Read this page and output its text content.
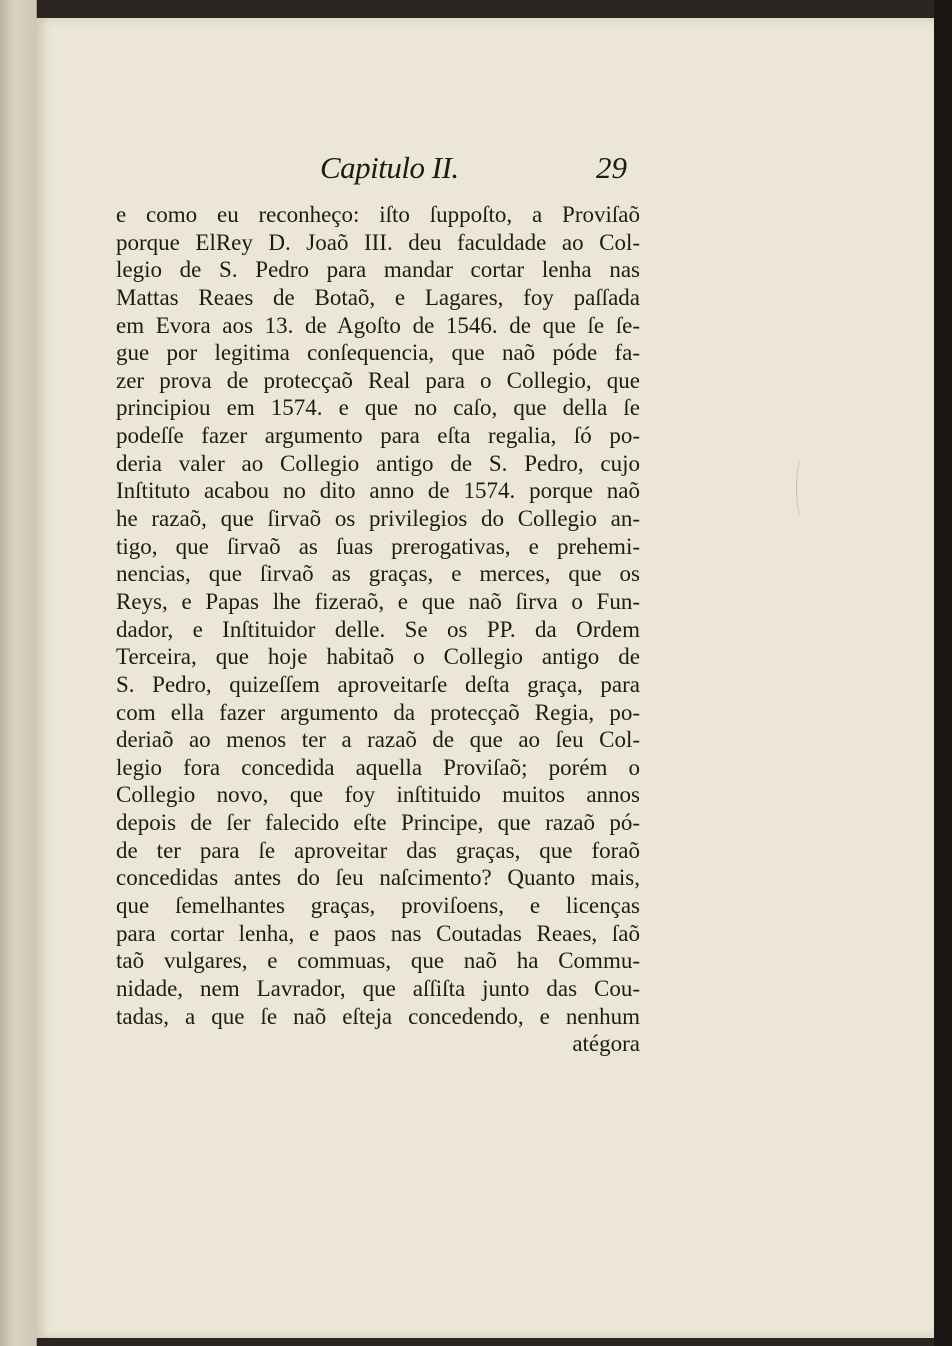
Capitulo II.	29
e como eu reconheço: iſto ſuppoſto, a Proviſaõ
porque ElRey D. Joaõ III. deu faculdade ao Col-
legio de S. Pedro para mandar cortar lenha nas
Mattas Reaes de Botaõ, e Lagares, foy paſſada
em Evora aos 13. de Agoſto de 1546. de que ſe ſe-
gue por legitima conſequencia, que naõ póde fa-
zer prova de protecçaõ Real para o Collegio, que
principiou em 1574. e que no caſo, que della ſe
podeſſe fazer argumento para eſta regalia, ſó po-
deria valer ao Collegio antigo de S. Pedro, cujo
Inſtituto acabou no dito anno de 1574. porque naõ
he razaõ, que ſirvaõ os privilegios do Collegio an-
tigo, que ſirvaõ as ſuas prerogativas, e prehemi-
nencias, que ſirvaõ as graças, e merces, que os
Reys, e Papas lhe fizeraõ, e que naõ ſirva o Fun-
dador, e Inſtituidor delle. Se os PP. da Ordem
Terceira, que hoje habitaõ o Collegio antigo de
S. Pedro, quizeſſem aproveitarſe deſta graça, para
com ella fazer argumento da protecçaõ Regia, po-
deriaõ ao menos ter a razaõ de que ao ſeu Col-
legio fora concedida aquella Proviſaõ; porém o
Collegio novo, que foy inſtituido muitos annos
depois de ſer falecido eſte Principe, que razaõ pó-
de ter para ſe aproveitar das graças, que foraõ
concedidas antes do ſeu naſcimento? Quanto mais,
que ſemelhantes graças, proviſoens, e licenças
para cortar lenha, e paos nas Coutadas Reaes, ſaõ
taõ vulgares, e commuas, que naõ ha Commu-
nidade, nem Lavrador, que aſſiſta junto das Cou-
tadas, a que ſe naõ eſteja concedendo, e nenhum
atégora
